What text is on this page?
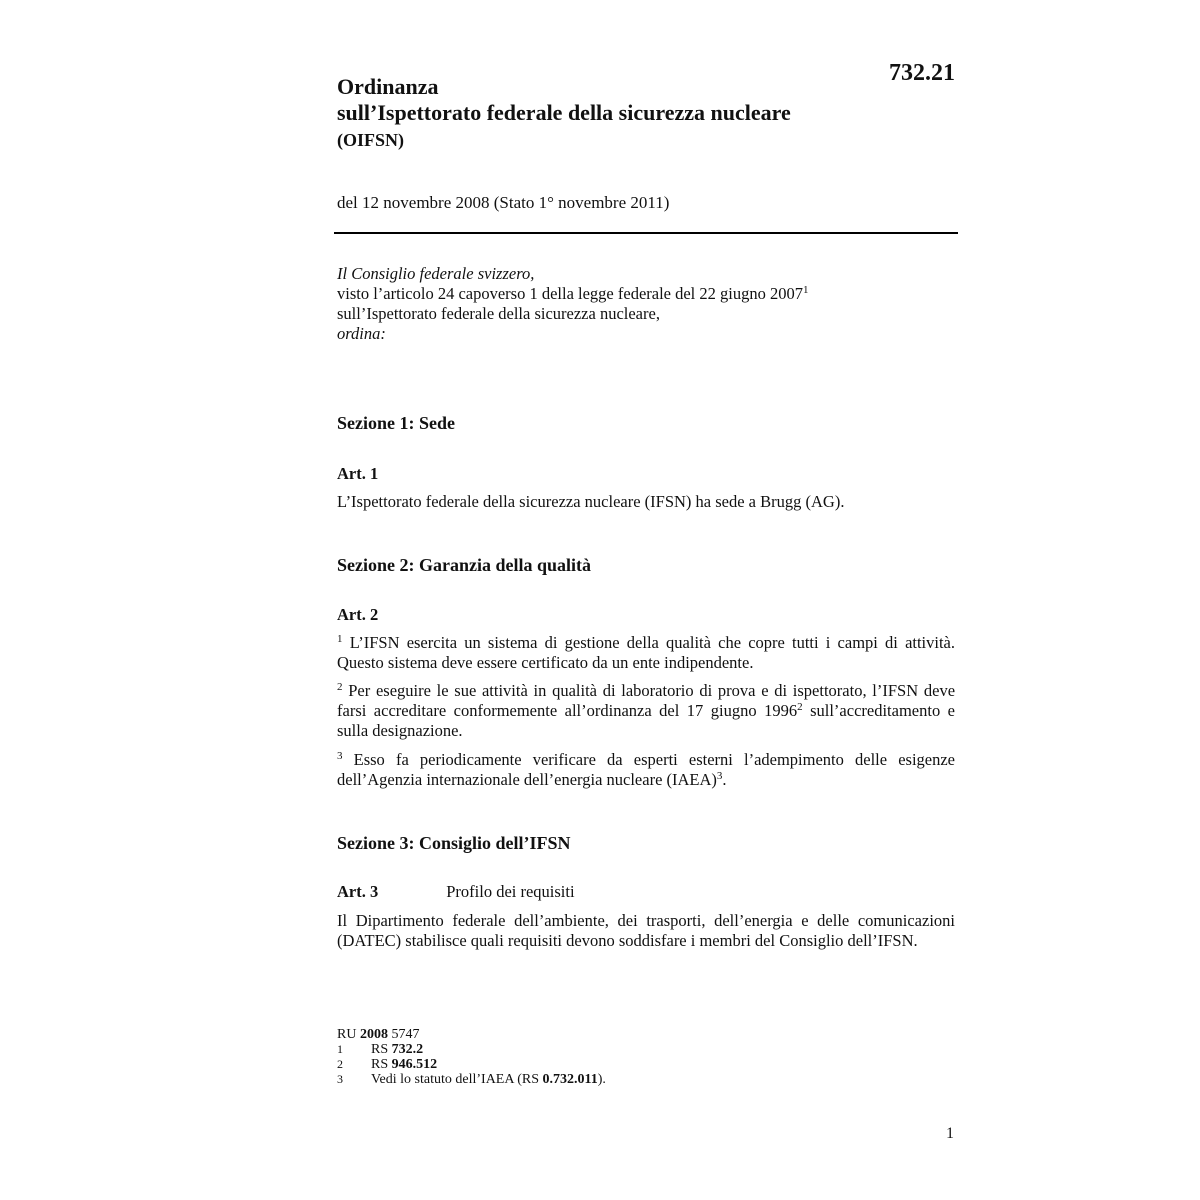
732.21
Ordinanza
sull’Ispettorato federale della sicurezza nucleare
(OIFSN)
del 12 novembre 2008 (Stato 1° novembre 2011)
Il Consiglio federale svizzero,
visto l’articolo 24 capoverso 1 della legge federale del 22 giugno 2007$^1$
sull’Ispettorato federale della sicurezza nucleare,
ordina:
Sezione 1: Sede
Art. 1
L’Ispettorato federale della sicurezza nucleare (IFSN) ha sede a Brugg (AG).
Sezione 2: Garanzia della qualità
Art. 2
$^1$ L’IFSN esercita un sistema di gestione della qualità che copre tutti i campi di attività. Questo sistema deve essere certificato da un ente indipendente.
$^2$ Per eseguire le sue attività in qualità di laboratorio di prova e di ispettorato, l’IFSN deve farsi accreditare conformemente all’ordinanza del 17 giugno 1996$^2$ sull’accreditamento e sulla designazione.
$^3$ Esso fa periodicamente verificare da esperti esterni l’adempimento delle esigenze dell’Agenzia internazionale dell’energia nucleare (IAEA)$^3$.
Sezione 3: Consiglio dell’IFSN
Art. 3	Profilo dei requisiti
Il Dipartimento federale dell’ambiente, dei trasporti, dell’energia e delle comunicazioni (DATEC) stabilisce quali requisiti devono soddisfare i membri del Consiglio dell’IFSN.
RU 2008 5747
1	RS 732.2
2	RS 946.512
3	Vedi lo statuto dell’IAEA (RS 0.732.011).
1
